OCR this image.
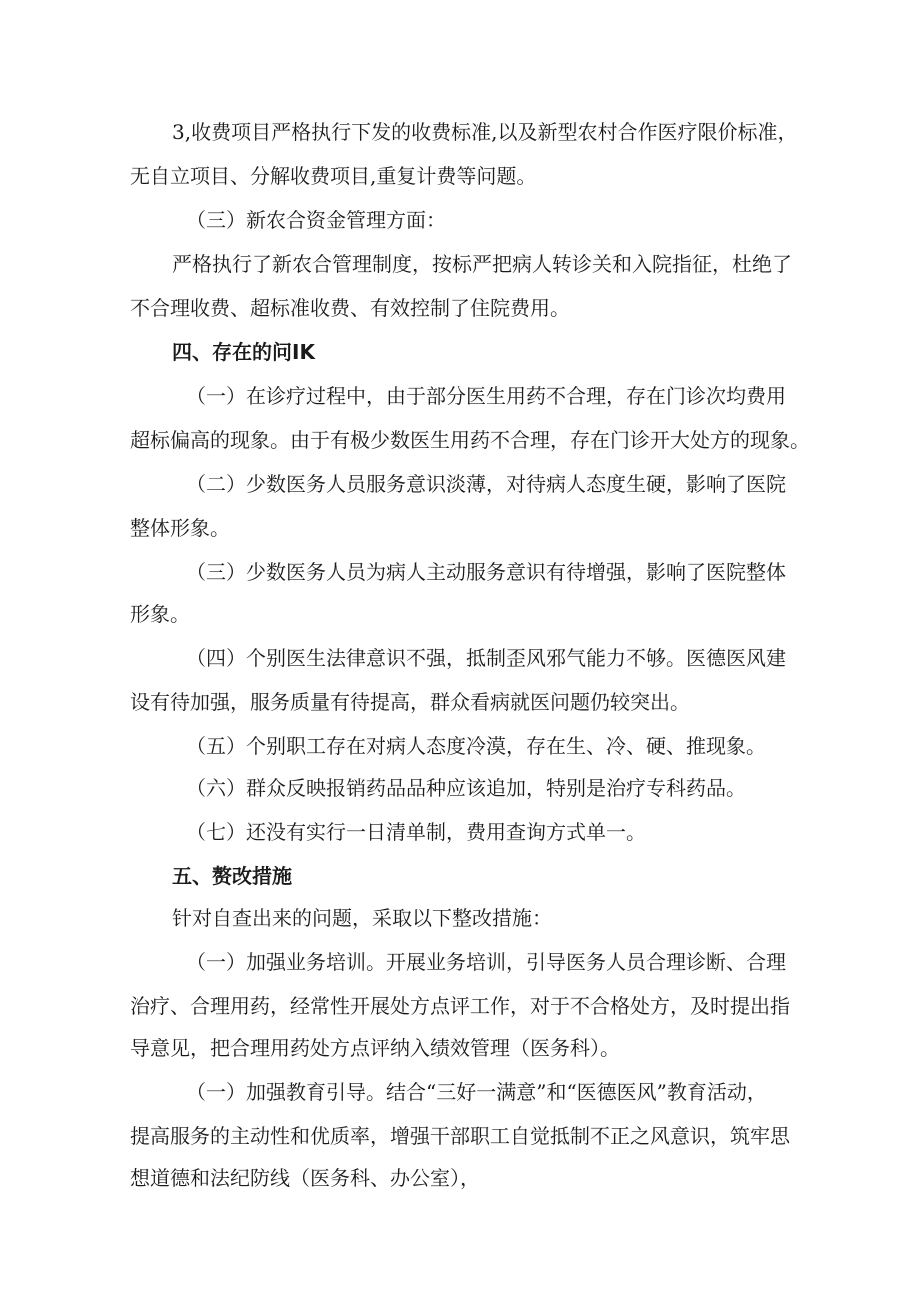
3,收费项目严格执行下发的收费标准,以及新型农村合作医疗限价标准，
无自立项目、分解收费项目,重复计费等问题。
（三）新农合资金管理方面：
严格执行了新农合管理制度，按标严把病人转诊关和入院指征，杜绝了
不合理收费、超标准收费、有效控制了住院费用。
四、存在的问IK
（一）在诊疗过程中，由于部分医生用药不合理，存在门诊次均费用
超标偏高的现象。由于有极少数医生用药不合理，存在门诊开大处方的现象。
（二）少数医务人员服务意识淡薄，对待病人态度生硬，影响了医院
整体形象。
（三）少数医务人员为病人主动服务意识有待增强，影响了医院整体
形象。
（四）个别医生法律意识不强，抵制歪风邪气能力不够。医德医风建
设有待加强，服务质量有待提高，群众看病就医问题仍较突出。
（五）个别职工存在对病人态度冷漠，存在生、冷、硬、推现象。
（六）群众反映报销药品品种应该追加，特别是治疗专科药品。
（七）还没有实行一日清单制，费用查询方式单一。
五、赘改措施
针对自查出来的问题，采取以下整改措施：
（一）加强业务培训。开展业务培训，引导医务人员合理诊断、合理
治疗、合理用药，经常性开展处方点评工作，对于不合格处方，及时提出指
导意见，把合理用药处方点评纳入绩效管理（医务科）。
（一）加强教育引导。结合“三好一满意”和“医德医风”教育活动，
提高服务的主动性和优质率，增强干部职工自觉抵制不正之风意识，筑牢思
想道德和法纪防线（医务科、办公室），
